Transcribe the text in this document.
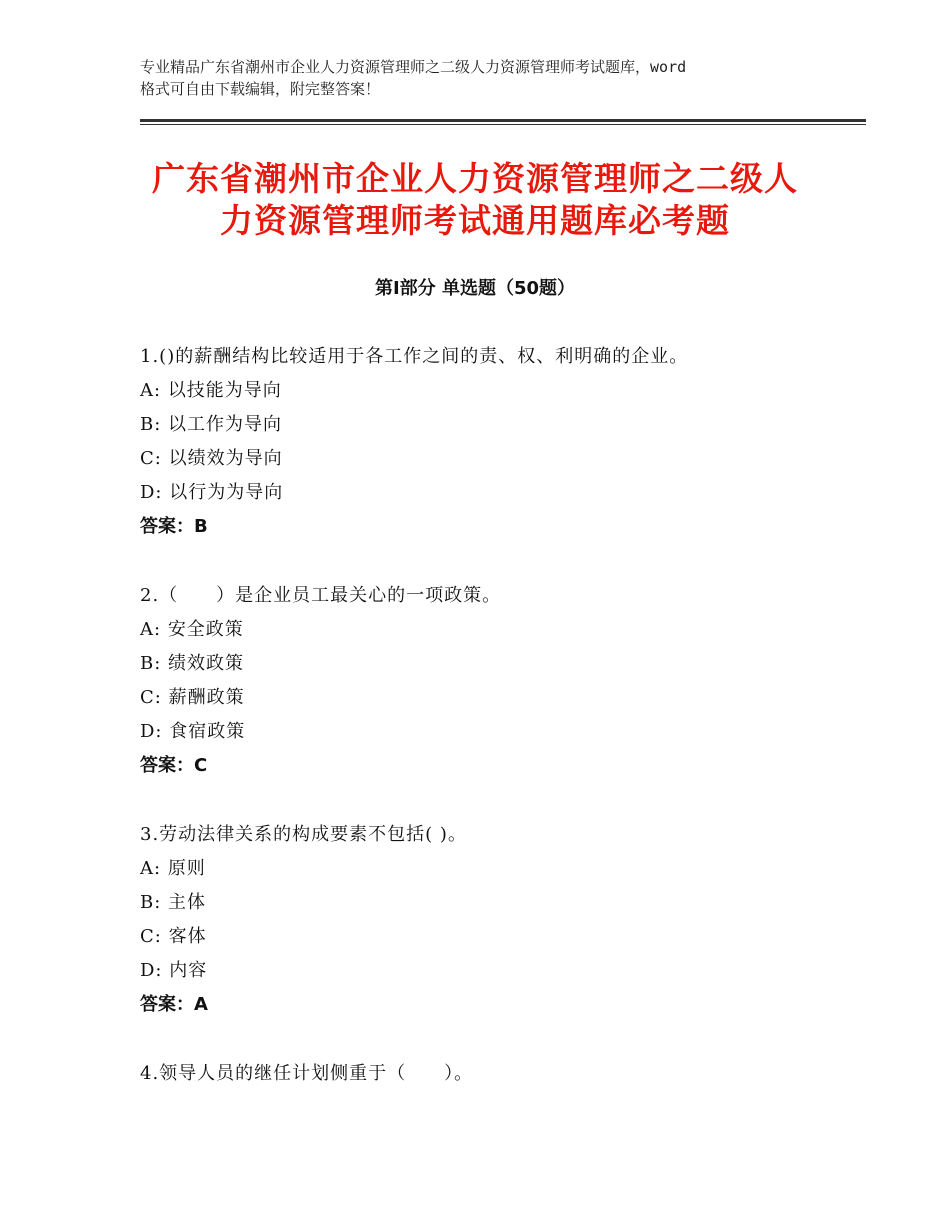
专业精品广东省潮州市企业人力资源管理师之二级人力资源管理师考试题库，word
格式可自由下载编辑，附完整答案！
广东省潮州市企业人力资源管理师之二级人
力资源管理师考试通用题库必考题
第Ⅰ部分 单选题（50题）
1.()的薪酬结构比较适用于各工作之间的责、权、利明确的企业。
A: 以技能为导向
B: 以工作为导向
C: 以绩效为导向
D: 以行为为导向
答案：B
2.（　　）是企业员工最关心的一项政策。
A: 安全政策
B: 绩效政策
C: 薪酬政策
D: 食宿政策
答案：C
3.劳动法律关系的构成要素不包括( )。
A: 原则
B: 主体
C: 客体
D: 内容
答案：A
4.领导人员的继任计划侧重于（　　）。
